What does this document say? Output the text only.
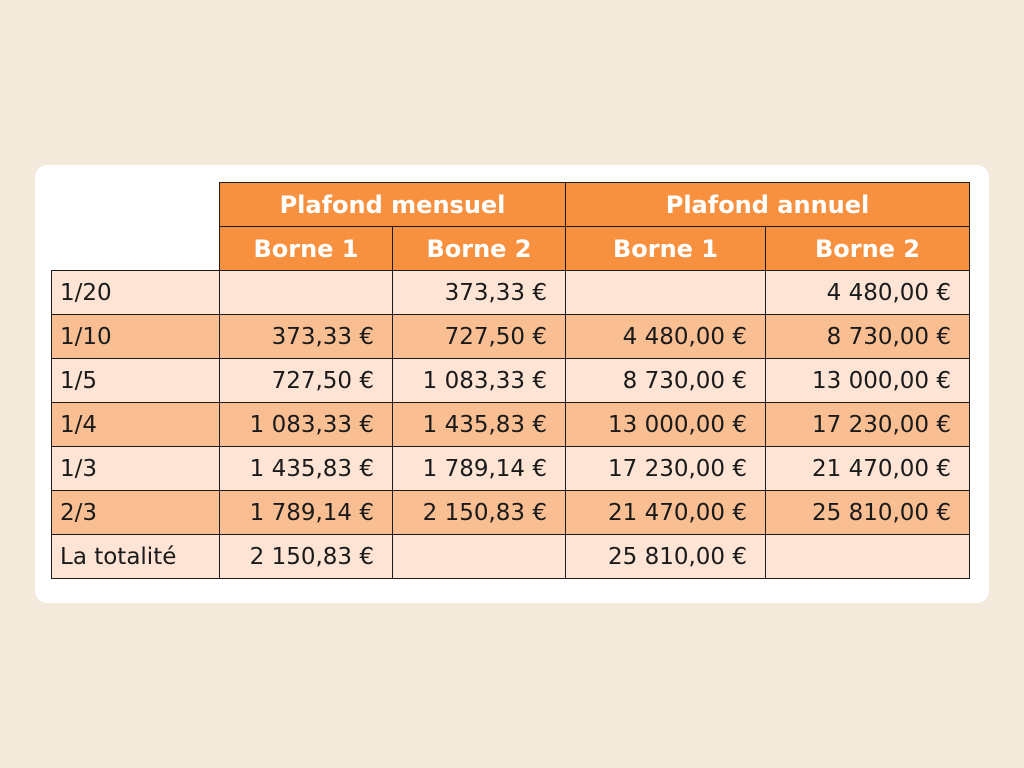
	Plafond mensuel		Plafond annuel	
	Borne 1	Borne 2	Borne 1	Borne 2
1/20		373,33 €		4 480,00 €
1/10	373,33 €	727,50 €	4 480,00 €	8 730,00 €
1/5	727,50 €	1 083,33 €	8 730,00 €	13 000,00 €
1/4	1 083,33 €	1 435,83 €	13 000,00 €	17 230,00 €
1/3	1 435,83 €	1 789,14 €	17 230,00 €	21 470,00 €
2/3	1 789,14 €	2 150,83 €	21 470,00 €	25 810,00 €
La totalité	2 150,83 €		25 810,00 €	
